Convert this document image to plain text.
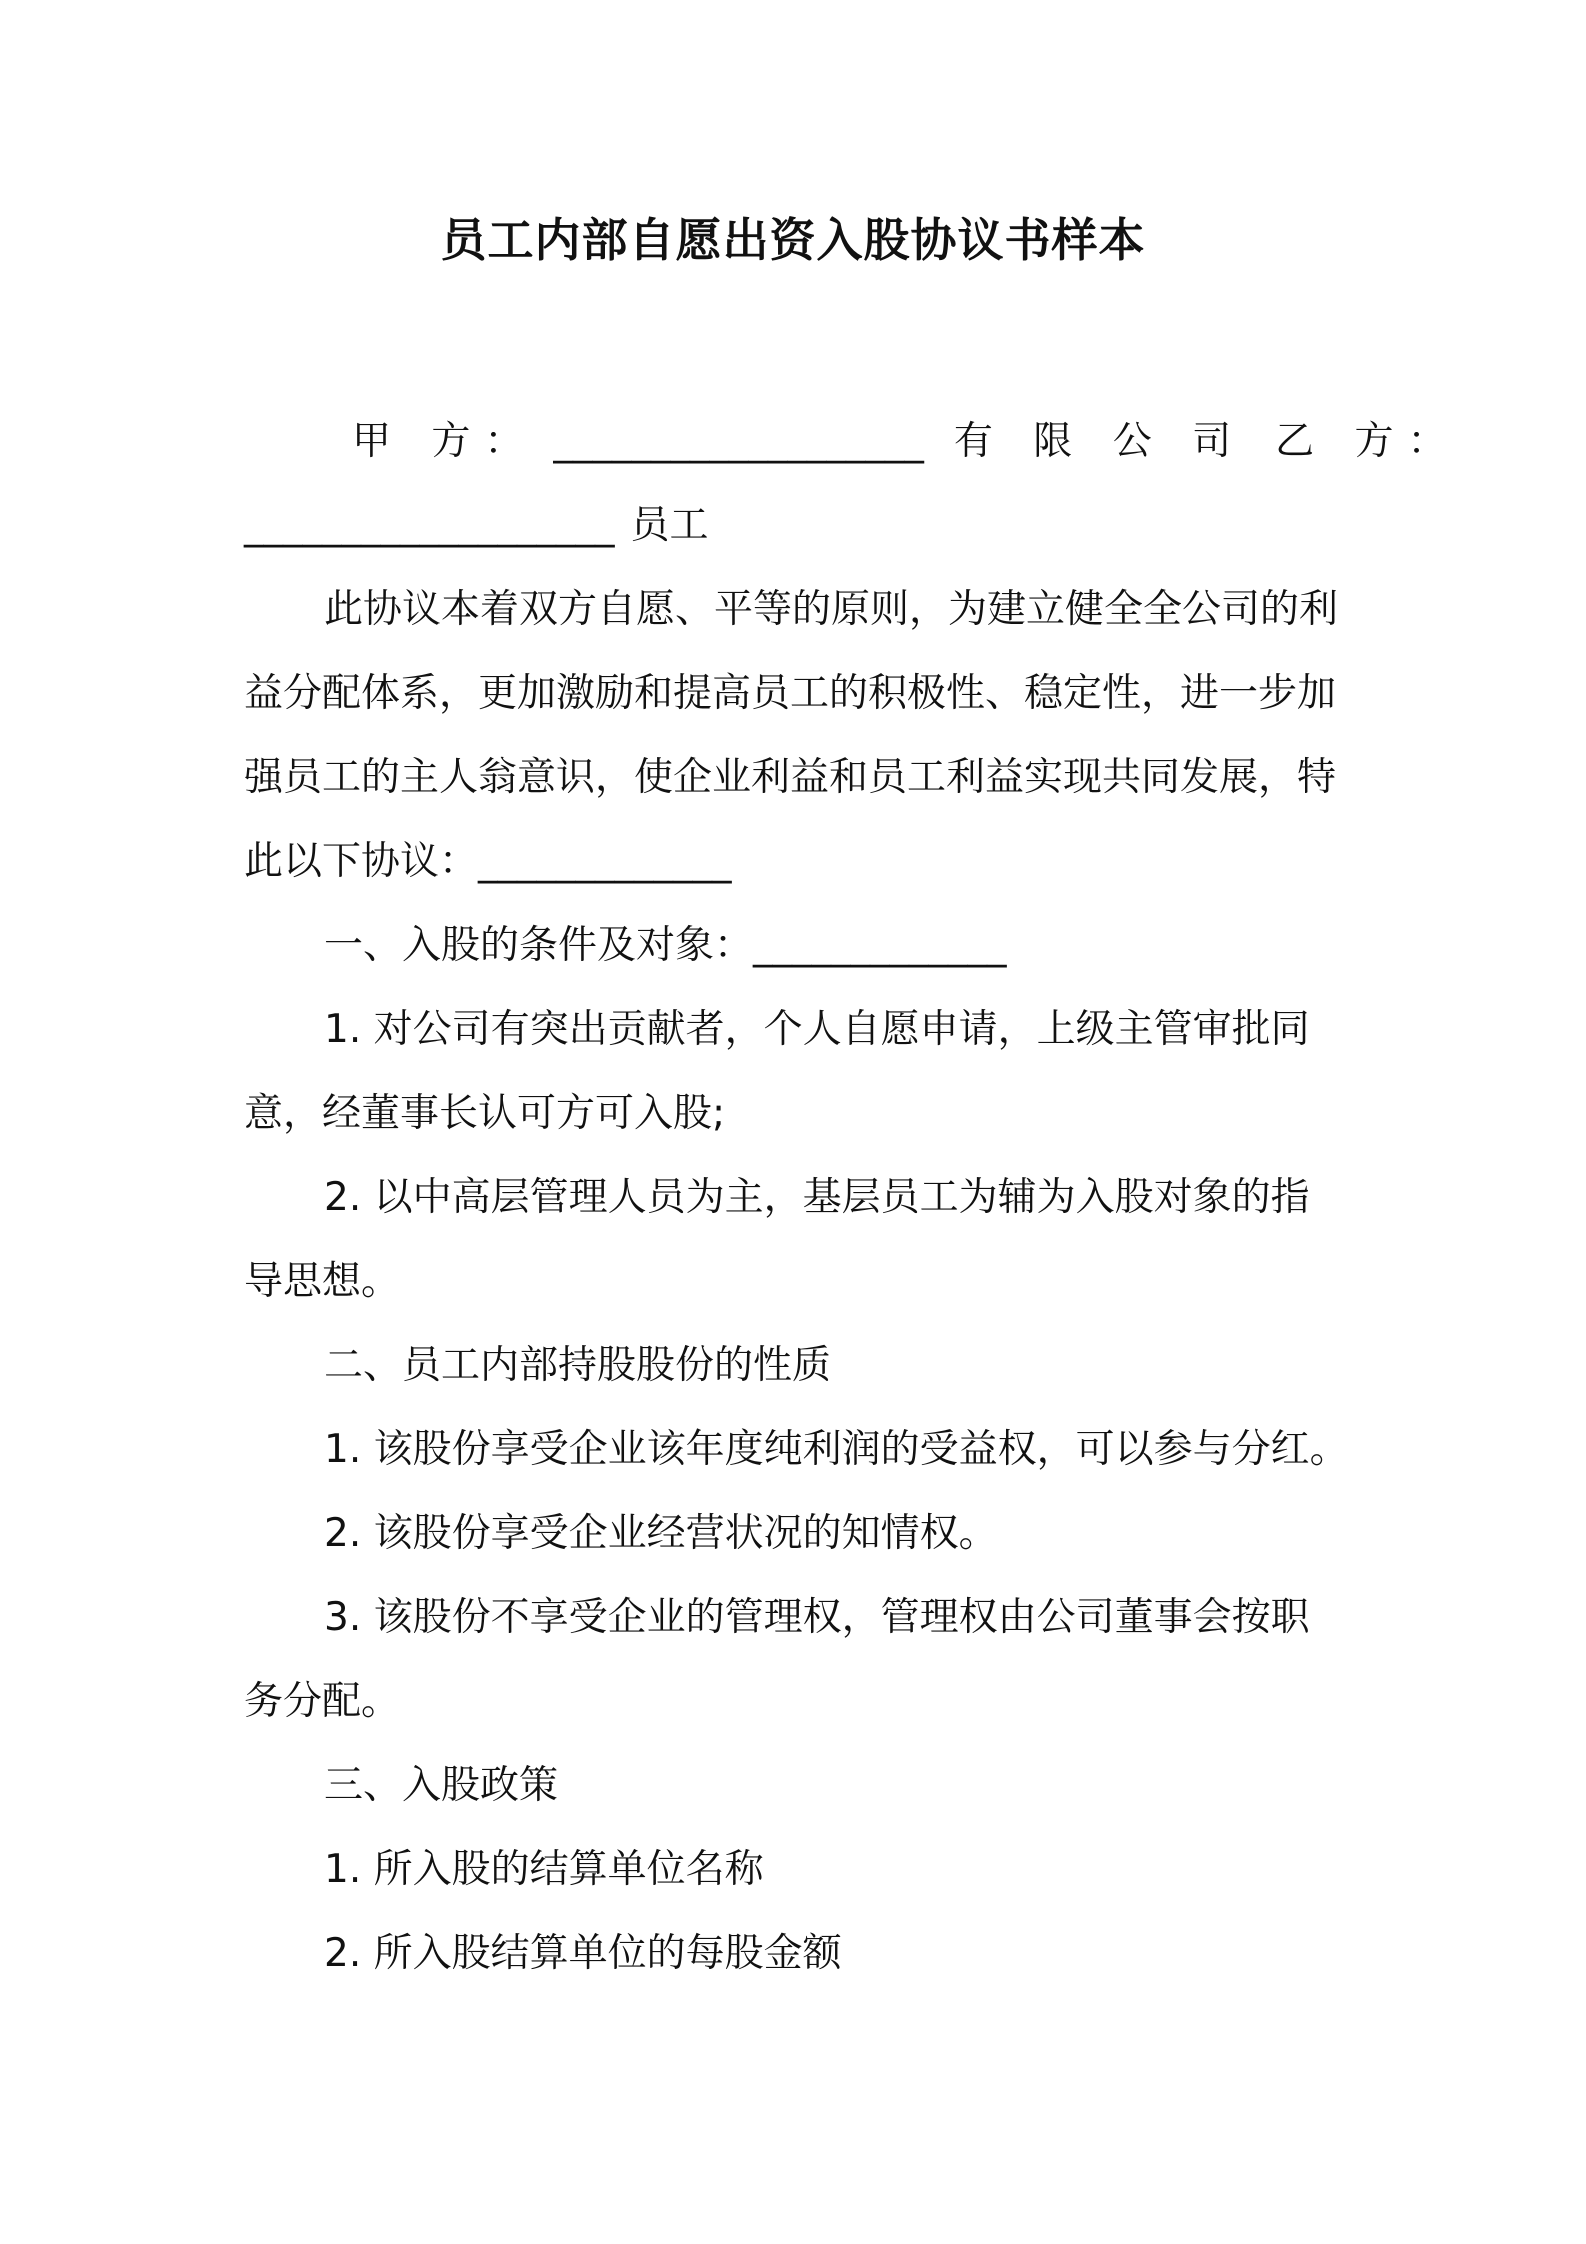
员工内部自愿出资入股协议书样本
甲 方： ___________________ 有 限 公 司 乙 方：
___________________ 员工
此协议本着双方自愿、平等的原则，为建立健全全公司的利
益分配体系，更加激励和提高员工的积极性、稳定性，进一步加
强员工的主人翁意识，使企业利益和员工利益实现共同发展，特
此以下协议：_____________
一、入股的条件及对象：_____________
1. 对公司有突出贡献者，个人自愿申请，上级主管审批同
意，经董事长认可方可入股;
2. 以中高层管理人员为主，基层员工为辅为入股对象的指
导思想。
二、员工内部持股股份的性质
1. 该股份享受企业该年度纯利润的受益权，可以参与分红。
2. 该股份享受企业经营状况的知情权。
3. 该股份不享受企业的管理权，管理权由公司董事会按职
务分配。
三、入股政策
1. 所入股的结算单位名称
2. 所入股结算单位的每股金额
